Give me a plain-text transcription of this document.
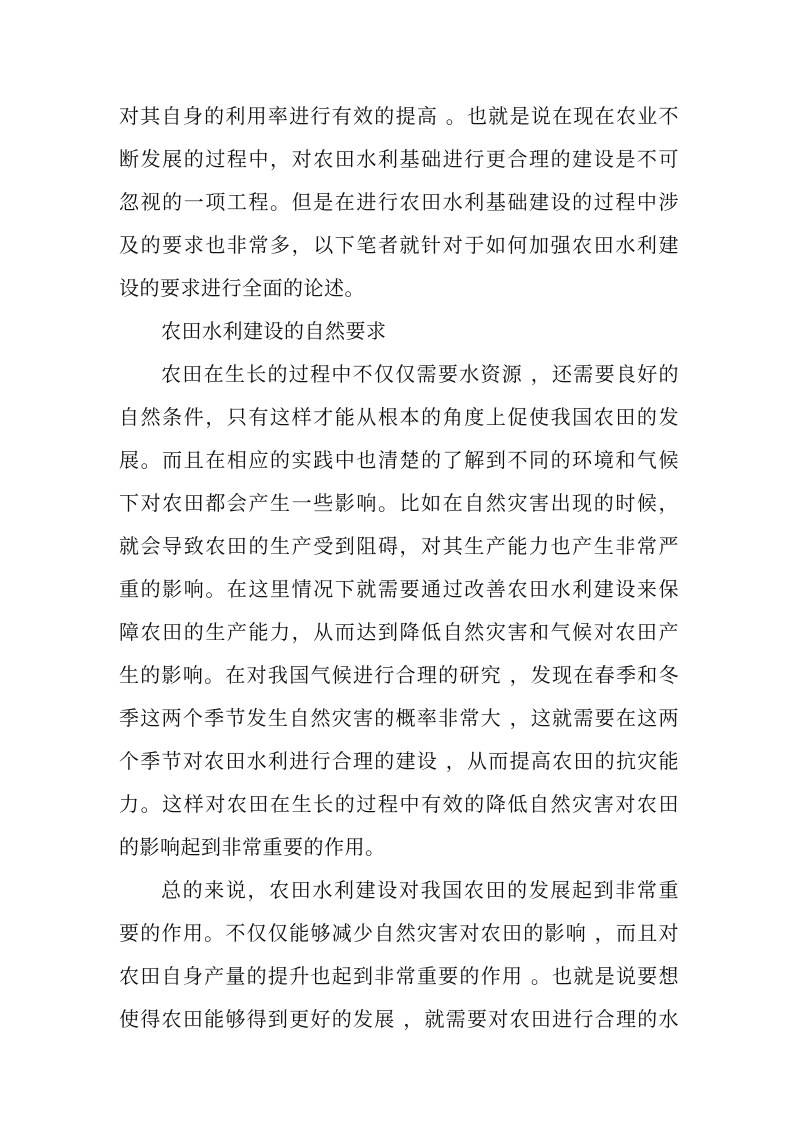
对其自身的利用率进行有效的提高 。也就是说在现在农业不

断发展的过程中，对农田水利基础进行更合理的建设是不可

忽视的一项工程。但是在进行农田水利基础建设的过程中涉

及的要求也非常多，以下笔者就针对于如何加强农田水利建

设的要求进行全面的论述。

农田水利建设的自然要求

农田在生长的过程中不仅仅需要水资源 ，还需要良好的

自然条件，只有这样才能从根本的角度上促使我国农田的发

展。而且在相应的实践中也清楚的了解到不同的环境和气候

下对农田都会产生一些影响。比如在自然灾害出现的时候，

就会导致农田的生产受到阻碍，对其生产能力也产生非常严

重的影响。在这里情况下就需要通过改善农田水利建设来保

障农田的生产能力，从而达到降低自然灾害和气候对农田产

生的影响。在对我国气候进行合理的研究 ，发现在春季和冬

季这两个季节发生自然灾害的概率非常大 ，这就需要在这两

个季节对农田水利进行合理的建设 ，从而提高农田的抗灾能

力。这样对农田在生长的过程中有效的降低自然灾害对农田

的影响起到非常重要的作用。

总的来说，农田水利建设对我国农田的发展起到非常重

要的作用。不仅仅能够减少自然灾害对农田的影响 ，而且对

农田自身产量的提升也起到非常重要的作用 。也就是说要想

使得农田能够得到更好的发展 ，就需要对农田进行合理的水
